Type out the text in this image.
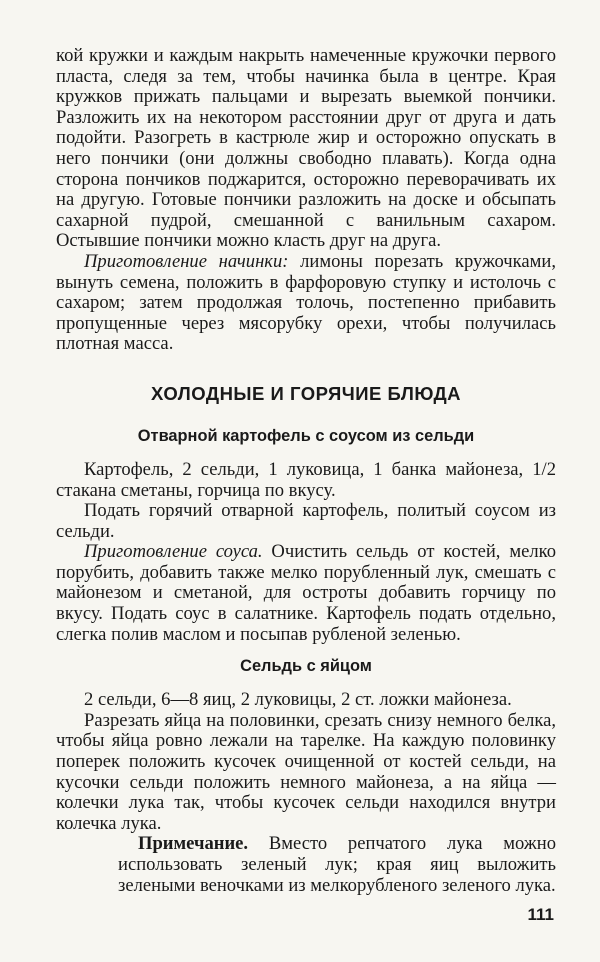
кой кружки и каждым накрыть намеченные кружочки первого пласта, следя за тем, чтобы начинка была в центре. Края кружков прижать пальцами и вырезать выемкой пончики. Разложить их на некотором расстоянии друг от друга и дать подойти. Разогреть в кастрюле жир и осторожно опускать в него пончики (они должны свободно плавать). Когда одна сторона пончиков поджарится, осторожно переворачивать их на другую. Готовые пончики разложить на доске и обсыпать сахарной пудрой, смешанной с ванильным сахаром. Остывшие пончики можно класть друг на друга.

Приготовление начинки: лимоны порезать кружочками, вынуть семена, положить в фарфоровую ступку и истолочь с сахаром; затем продолжая толочь, постепенно прибавить пропущенные через мясорубку орехи, чтобы получилась плотная масса.

ХОЛОДНЫЕ И ГОРЯЧИЕ БЛЮДА
Отварной картофель с соусом из сельди

Картофель, 2 сельди, 1 луковица, 1 банка майонеза, 1/2 стакана сметаны, горчица по вкусу.

Подать горячий отварной картофель, политый соусом из сельди.

Приготовление соуса. Очистить сельдь от костей, мелко порубить, добавить также мелко порубленный лук, смешать с майонезом и сметаной, для остроты добавить горчицу по вкусу. Подать соус в салатнике. Картофель подать отдельно, слегка полив маслом и посыпав рубленой зеленью.

Сельдь с яйцом

2 сельди, 6—8 яиц, 2 луковицы, 2 ст. ложки майонеза.

Разрезать яйца на половинки, срезать снизу немного белка, чтобы яйца ровно лежали на тарелке. На каждую половинку поперек положить кусочек очищенной от костей сельди, на кусочки сельди положить немного майонеза, а на яйца — колечки лука так, чтобы кусочек сельди находился внутри колечка лука.

Примечание. Вместо репчатого лука можно использовать зеленый лук; края яиц выложить зелеными веночками из мелкорубленого зеленого лука.

111
